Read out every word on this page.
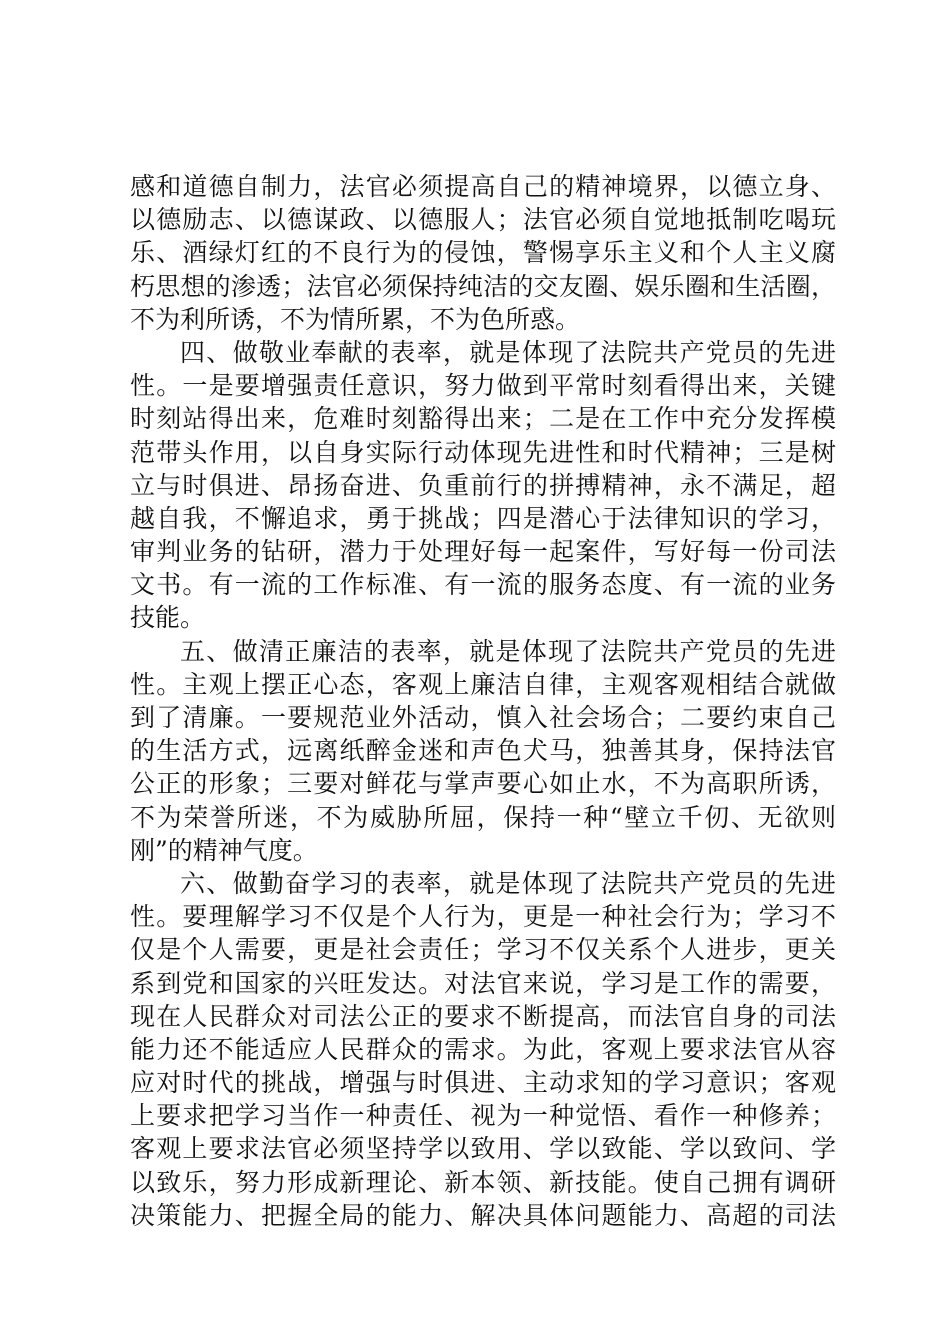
感和道德自制力，法官必须提高自己的精神境界，以德立身、
以德励志、以德谋政、以德服人；法官必须自觉地抵制吃喝玩
乐、酒绿灯红的不良行为的侵蚀，警惕享乐主义和个人主义腐
朽思想的渗透；法官必须保持纯洁的交友圈、娱乐圈和生活圈，
不为利所诱，不为情所累，不为色所惑。
四、做敬业奉献的表率，就是体现了法院共产党员的先进
性。一是要增强责任意识，努力做到平常时刻看得出来，关键
时刻站得出来，危难时刻豁得出来；二是在工作中充分发挥模
范带头作用，以自身实际行动体现先进性和时代精神；三是树
立与时俱进、昂扬奋进、负重前行的拼搏精神，永不满足，超
越自我，不懈追求，勇于挑战；四是潜心于法律知识的学习，
审判业务的钻研，潜力于处理好每一起案件，写好每一份司法
文书。有一流的工作标准、有一流的服务态度、有一流的业务
技能。
五、做清正廉洁的表率，就是体现了法院共产党员的先进
性。主观上摆正心态，客观上廉洁自律，主观客观相结合就做
到了清廉。一要规范业外活动，慎入社会场合；二要约束自己
的生活方式，远离纸醉金迷和声色犬马，独善其身，保持法官
公正的形象；三要对鲜花与掌声要心如止水，不为高职所诱，
不为荣誉所迷，不为威胁所屈，保持一种“壁立千仞、无欲则
刚”的精神气度。
六、做勤奋学习的表率，就是体现了法院共产党员的先进
性。要理解学习不仅是个人行为，更是一种社会行为；学习不
仅是个人需要，更是社会责任；学习不仅关系个人进步，更关
系到党和国家的兴旺发达。对法官来说，学习是工作的需要，
现在人民群众对司法公正的要求不断提高，而法官自身的司法
能力还不能适应人民群众的需求。为此，客观上要求法官从容
应对时代的挑战，增强与时俱进、主动求知的学习意识；客观
上要求把学习当作一种责任、视为一种觉悟、看作一种修养；
客观上要求法官必须坚持学以致用、学以致能、学以致问、学
以致乐，努力形成新理论、新本领、新技能。使自己拥有调研
决策能力、把握全局的能力、解决具体问题能力、高超的司法
